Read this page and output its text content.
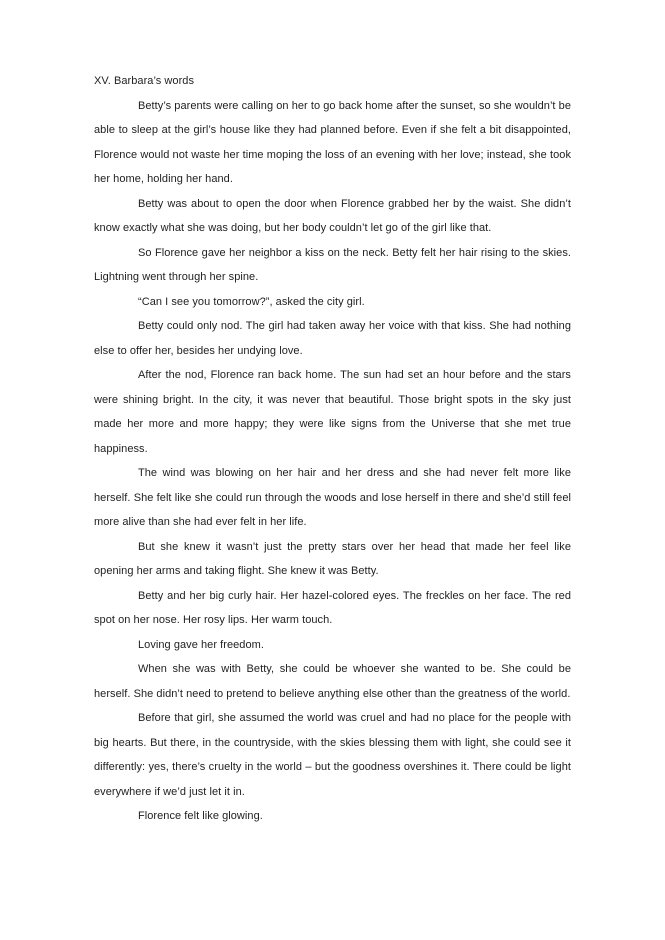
XV. Barbara’s words

Betty’s parents were calling on her to go back home after the sunset, so she wouldn’t be able to sleep at the girl’s house like they had planned before. Even if she felt a bit disappointed, Florence would not waste her time moping the loss of an evening with her love; instead, she took her home, holding her hand.

Betty was about to open the door when Florence grabbed her by the waist. She didn’t know exactly what she was doing, but her body couldn’t let go of the girl like that.

So Florence gave her neighbor a kiss on the neck. Betty felt her hair rising to the skies. Lightning went through her spine.

“Can I see you tomorrow?”, asked the city girl.

Betty could only nod. The girl had taken away her voice with that kiss. She had nothing else to offer her, besides her undying love.

After the nod, Florence ran back home. The sun had set an hour before and the stars were shining bright. In the city, it was never that beautiful. Those bright spots in the sky just made her more and more happy; they were like signs from the Universe that she met true happiness.

The wind was blowing on her hair and her dress and she had never felt more like herself. She felt like she could run through the woods and lose herself in there and she’d still feel more alive than she had ever felt in her life.

But she knew it wasn’t just the pretty stars over her head that made her feel like opening her arms and taking flight. She knew it was Betty.

Betty and her big curly hair. Her hazel-colored eyes. The freckles on her face. The red spot on her nose. Her rosy lips. Her warm touch.

Loving gave her freedom.

When she was with Betty, she could be whoever she wanted to be. She could be herself. She didn’t need to pretend to believe anything else other than the greatness of the world.

Before that girl, she assumed the world was cruel and had no place for the people with big hearts. But there, in the countryside, with the skies blessing them with light, she could see it differently: yes, there’s cruelty in the world – but the goodness overshines it. There could be light everywhere if we’d just let it in.

Florence felt like glowing.
